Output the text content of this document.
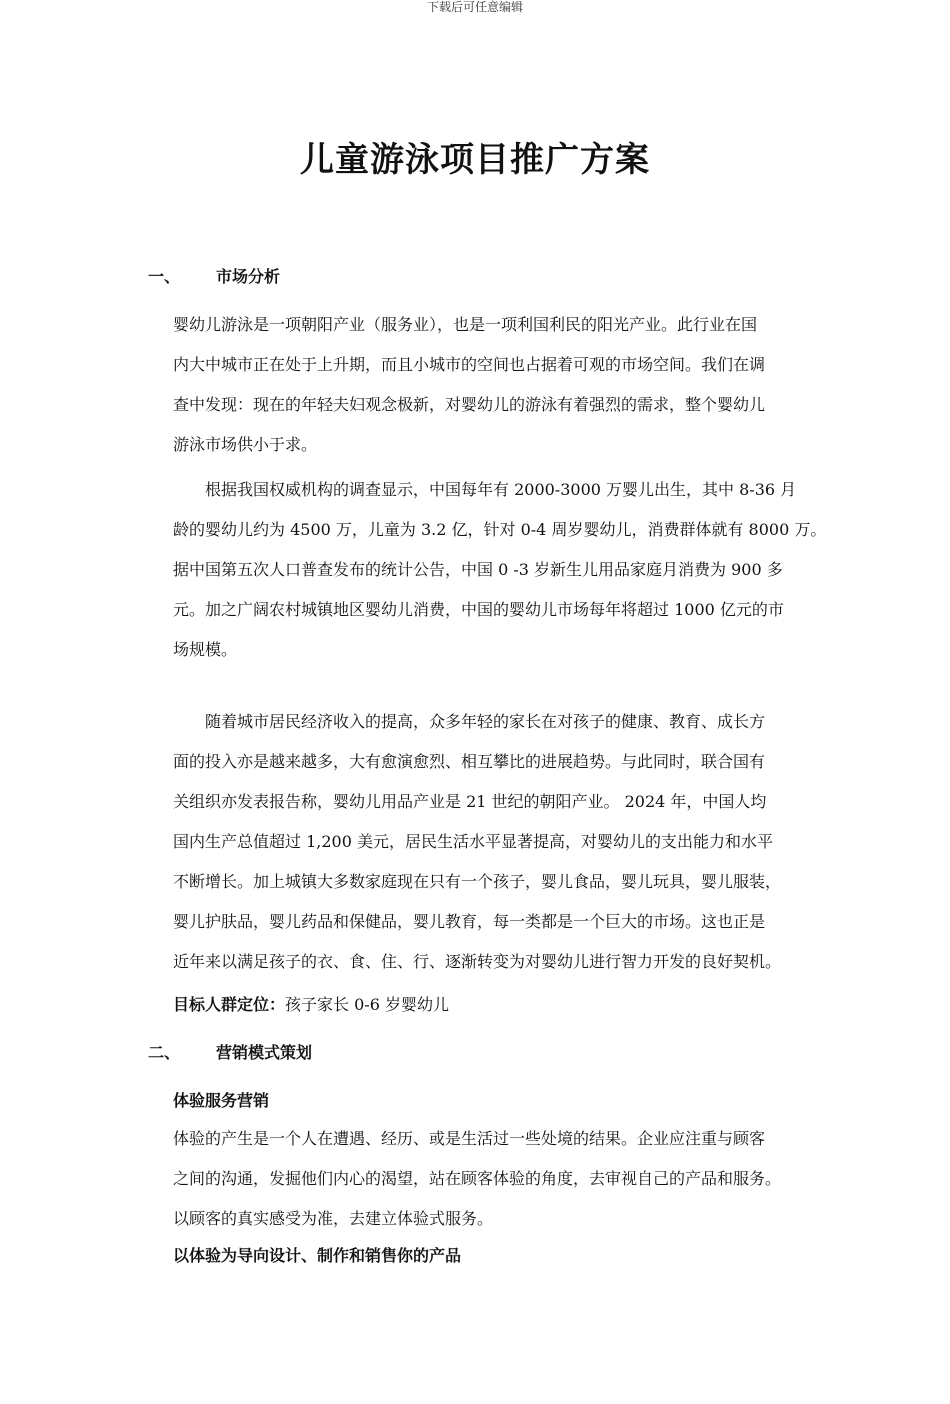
下载后可任意编辑
儿童游泳项目推广方案
一、 市场分析
婴幼儿游泳是一项朝阳产业（服务业），也是一项利国利民的阳光产业。此行业在国
内大中城市正在处于上升期，而且小城市的空间也占据着可观的市场空间。我们在调
查中发现：现在的年轻夫妇观念极新，对婴幼儿的游泳有着强烈的需求，整个婴幼儿
游泳市场供小于求。
　　根据我国权威机构的调查显示，中国每年有 2000-3000 万婴儿出生，其中 8-36 月
龄的婴幼儿约为 4500 万，儿童为 3.2 亿，针对 0-4 周岁婴幼儿，消费群体就有 8000 万。
据中国第五次人口普查发布的统计公告，中国 0 -3 岁新生儿用品家庭月消费为 900 多
元。加之广阔农村城镇地区婴幼儿消费，中国的婴幼儿市场每年将超过 1000 亿元的市
场规模。
　　随着城市居民经济收入的提高，众多年轻的家长在对孩子的健康、教育、成长方
面的投入亦是越来越多，大有愈演愈烈、相互攀比的进展趋势。与此同时，联合国有
关组织亦发表报告称，婴幼儿用品产业是 21 世纪的朝阳产业。 2024 年，中国人均
国内生产总值超过 1,200 美元，居民生活水平显著提高，对婴幼儿的支出能力和水平
不断增长。加上城镇大多数家庭现在只有一个孩子，婴儿食品，婴儿玩具，婴儿服装，
婴儿护肤品，婴儿药品和保健品，婴儿教育，每一类都是一个巨大的市场。这也正是
近年来以满足孩子的衣、食、住、行、逐渐转变为对婴幼儿进行智力开发的良好契机。
目标人群定位：孩子家长 0-6 岁婴幼儿
二、 营销模式策划
体验服务营销
体验的产生是一个人在遭遇、经历、或是生活过一些处境的结果。企业应注重与顾客
之间的沟通，发掘他们内心的渴望，站在顾客体验的角度，去审视自己的产品和服务。
以顾客的真实感受为准，去建立体验式服务。
以体验为导向设计、制作和销售你的产品
